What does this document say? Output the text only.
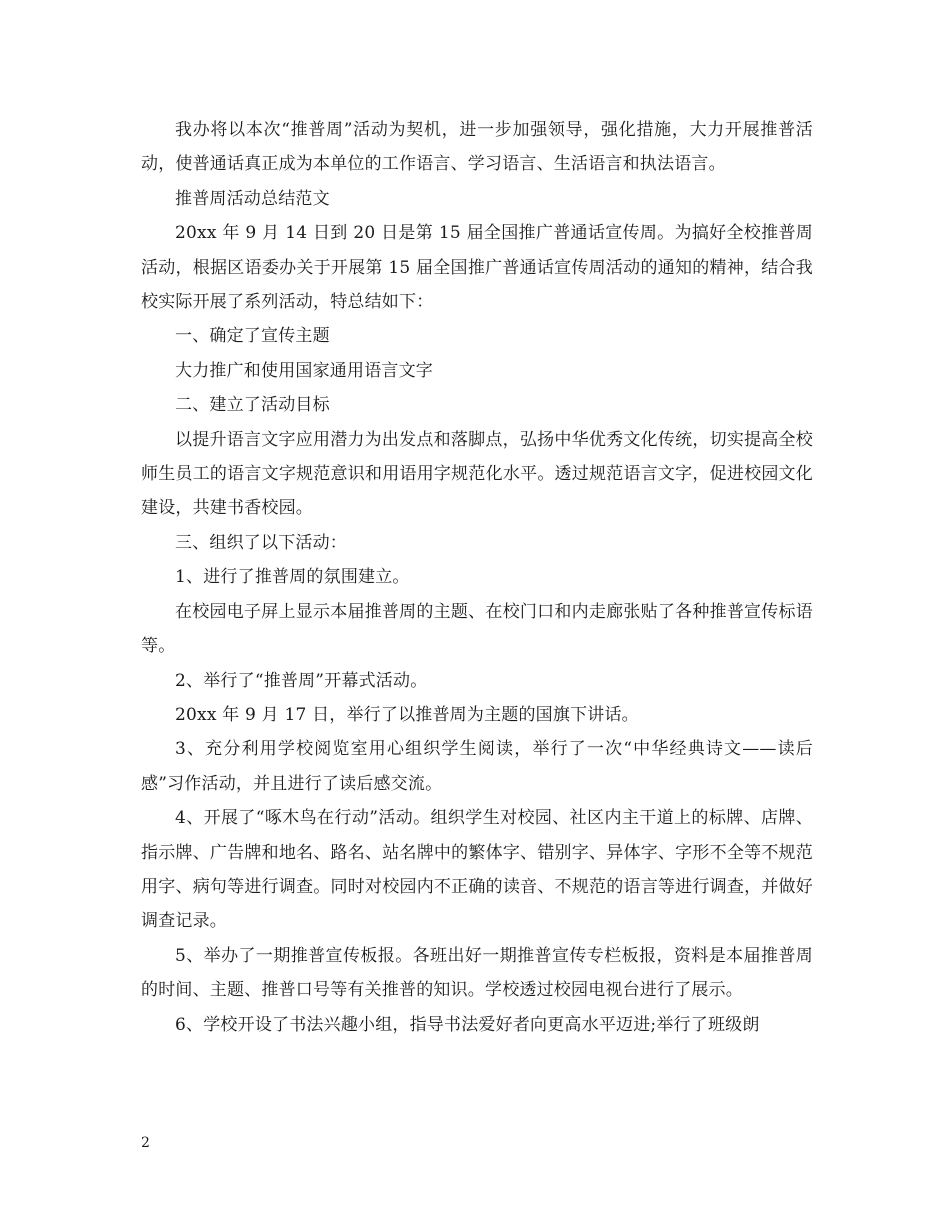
我办将以本次“推普周”活动为契机，进一步加强领导，强化措施，大力开展推普活动，使普通话真正成为本单位的工作语言、学习语言、生活语言和执法语言。

推普周活动总结范文

20xx 年 9 月 14 日到 20 日是第 15 届全国推广普通话宣传周。为搞好全校推普周活动，根据区语委办关于开展第 15 届全国推广普通话宣传周活动的通知的精神，结合我校实际开展了系列活动，特总结如下：

一、确定了宣传主题

大力推广和使用国家通用语言文字

二、建立了活动目标

以提升语言文字应用潜力为出发点和落脚点，弘扬中华优秀文化传统，切实提高全校师生员工的语言文字规范意识和用语用字规范化水平。透过规范语言文字，促进校园文化建设，共建书香校园。

三、组织了以下活动：

1、进行了推普周的氛围建立。

在校园电子屏上显示本届推普周的主题、在校门口和内走廊张贴了各种推普宣传标语等。

2、举行了“推普周”开幕式活动。

20xx 年 9 月 17 日，举行了以推普周为主题的国旗下讲话。

3、充分利用学校阅览室用心组织学生阅读，举行了一次“中华经典诗文——读后感”习作活动，并且进行了读后感交流。

4、开展了“啄木鸟在行动”活动。组织学生对校园、社区内主干道上的标牌、店牌、指示牌、广告牌和地名、路名、站名牌中的繁体字、错别字、异体字、字形不全等不规范用字、病句等进行调查。同时对校园内不正确的读音、不规范的语言等进行调查，并做好调查记录。

5、举办了一期推普宣传板报。各班出好一期推普宣传专栏板报，资料是本届推普周的时间、主题、推普口号等有关推普的知识。学校透过校园电视台进行了展示。

6、学校开设了书法兴趣小组，指导书法爱好者向更高水平迈进;举行了班级朗

2
